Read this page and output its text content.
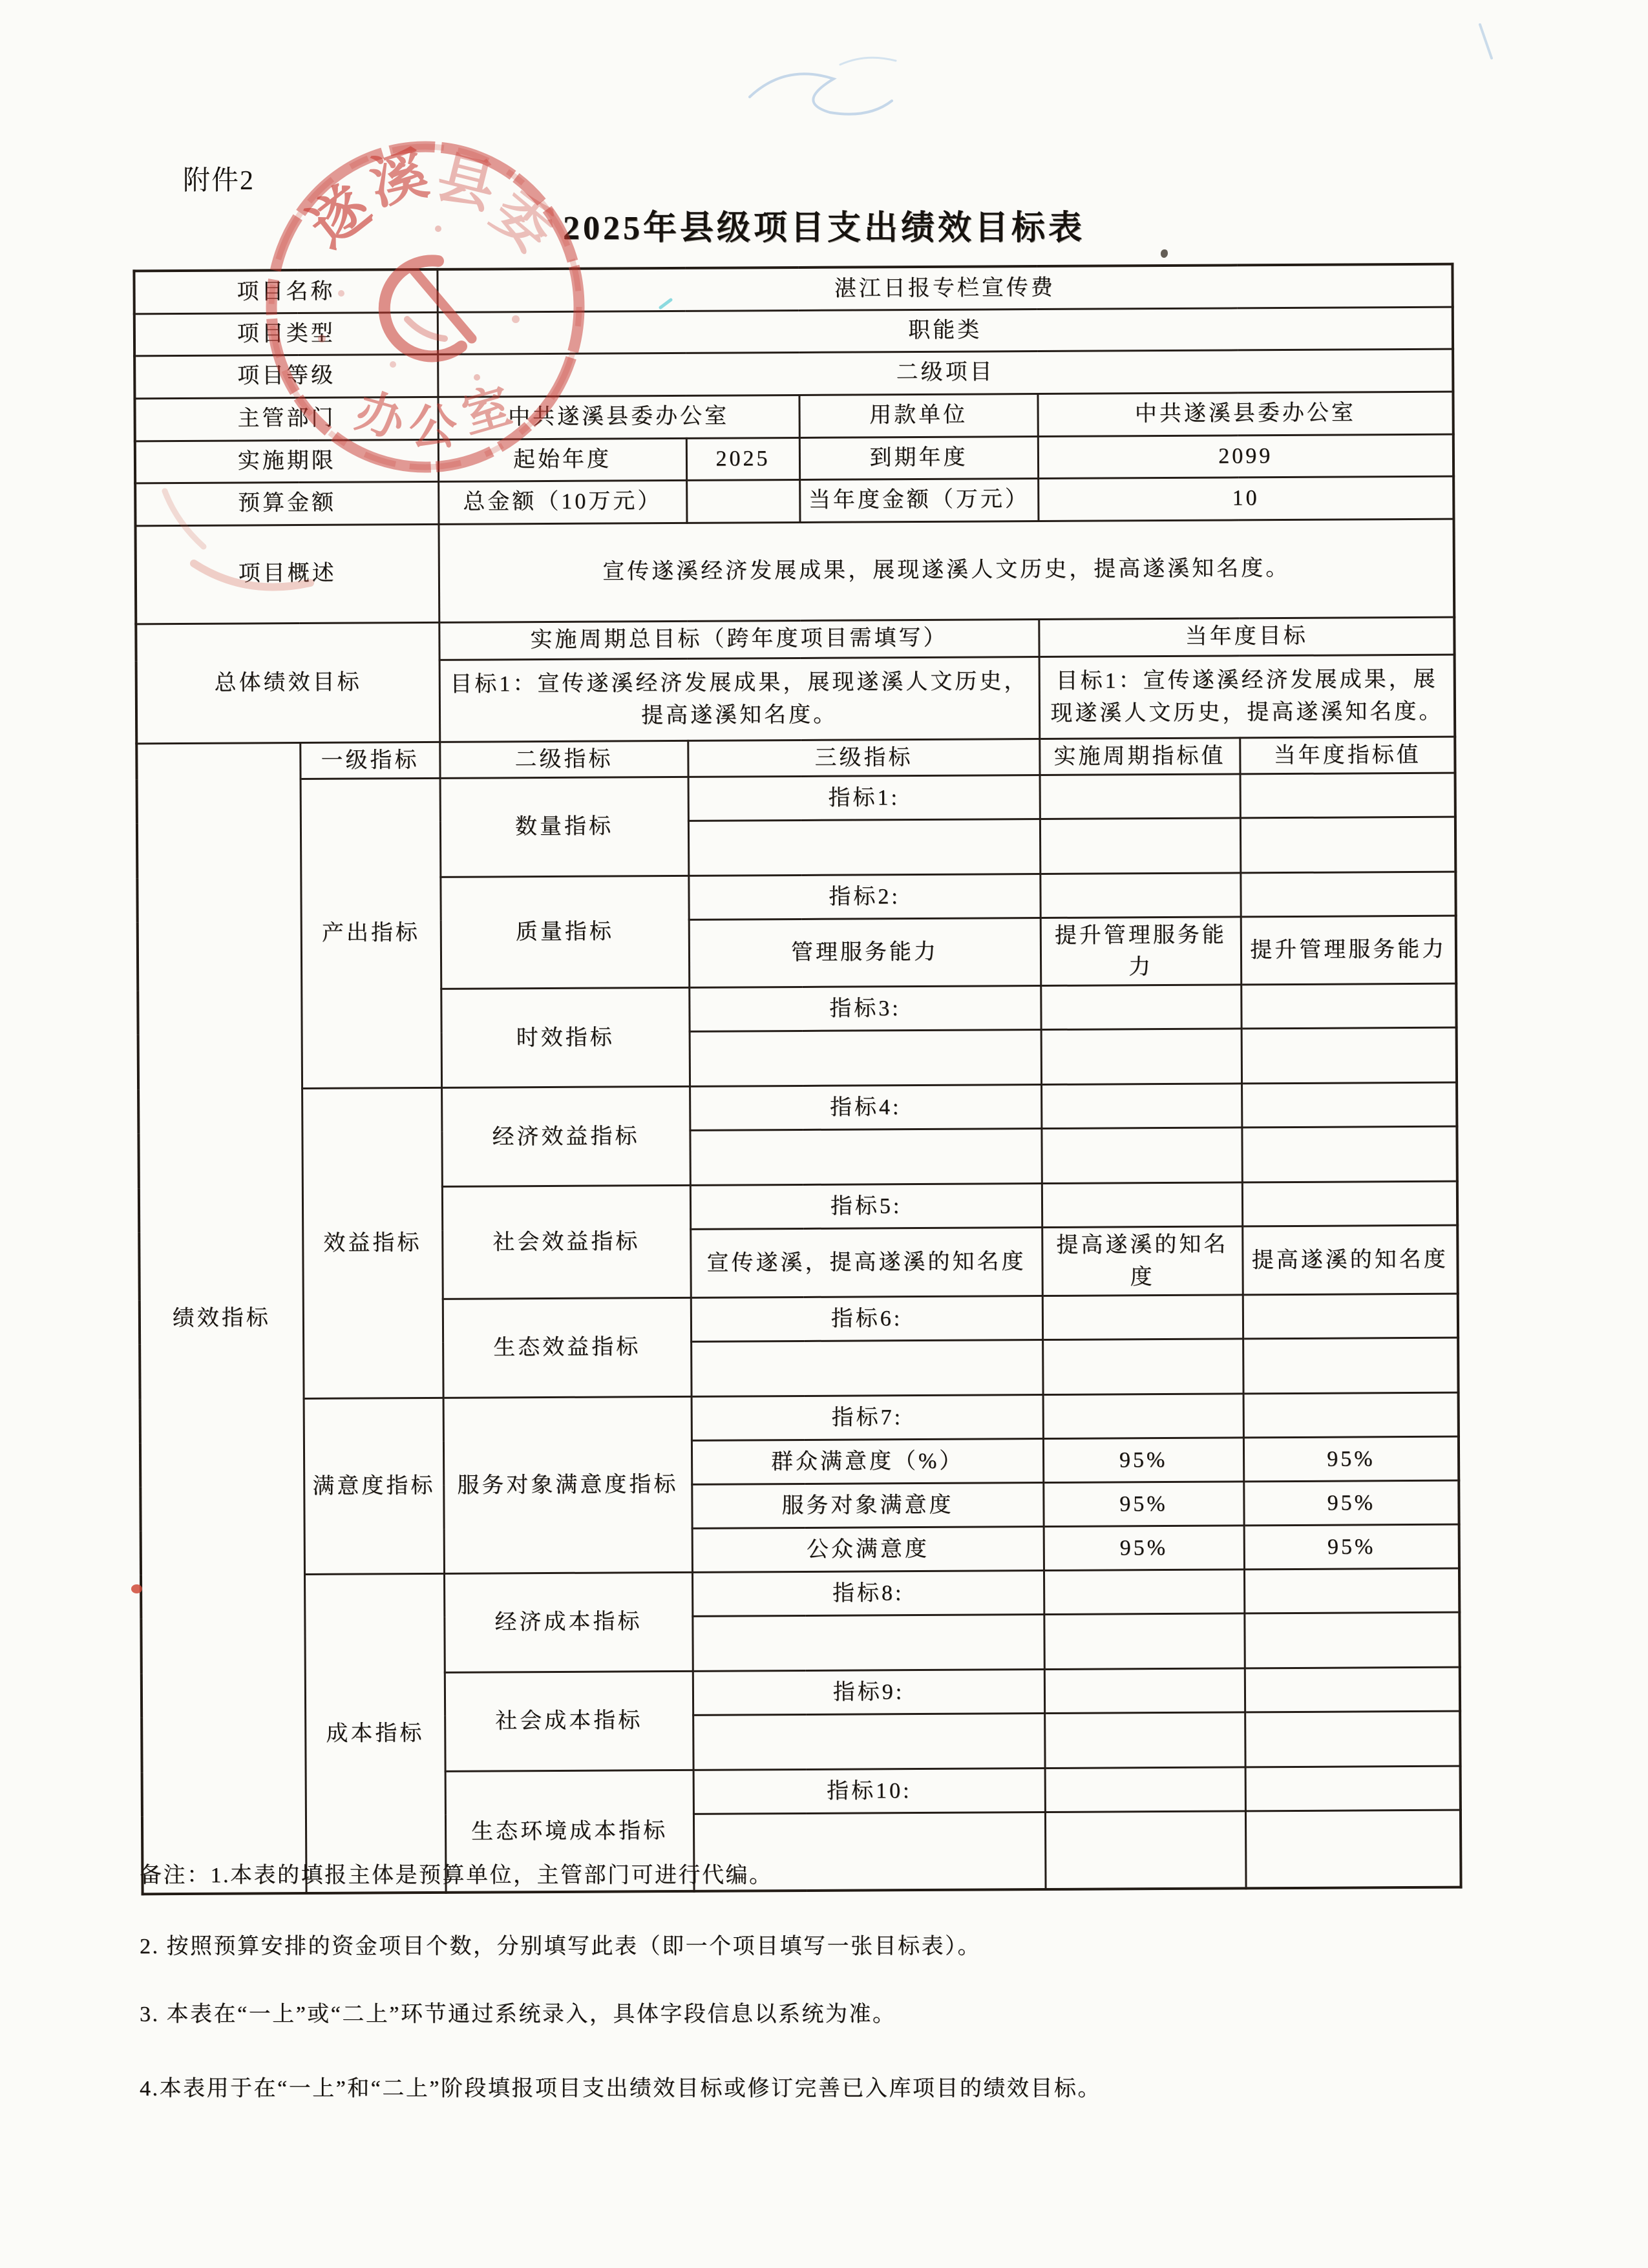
附件2
2025年县级项目支出绩效目标表
项目名称		湛江日报专栏宣传费				
项目类型		职能类				
项目等级		二级项目				
主管部门		中共遂溪县委办公室		用款单位	中共遂溪县委办公室	
实施期限		起始年度	2025	到期年度	2099	
预算金额		总金额（10万元）		当年度金额（万元）	10	
项目概述		宣传遂溪经济发展成果，展现遂溪人文历史，提高遂溪知名度。				
总体绩效目标		实施周期总目标（跨年度项目需填写）			当年度目标	
		目标1：宣传遂溪经济发展成果，展现遂溪人文历史，提高遂溪知名度。			目标1：宣传遂溪经济发展成果，展现遂溪人文历史，提高遂溪知名度。	
绩效指标	一级指标	二级指标	三级指标		实施周期指标值	当年度指标值
	产出指标	数量指标	指标1:			

		质量指标	指标2:			
			管理服务能力		提升管理服务能力	提升管理服务能力
		时效指标	指标3:			

	效益指标	经济效益指标	指标4:			

		社会效益指标	指标5:			
			宣传遂溪，提高遂溪的知名度		提高遂溪的知名度	提高遂溪的知名度
		生态效益指标	指标6:			

	满意度指标	服务对象满意度指标	指标7:			
			群众满意度（%）		95%	95%
			服务对象满意度		95%	95%
			公众满意度		95%	95%
	成本指标	经济成本指标	指标8:			

		社会成本指标	指标9:			

		生态环境成本指标	指标10:			

备注：1.本表的填报主体是预算单位，主管部门可进行代编。
2. 按照预算安排的资金项目个数，分别填写此表（即一个项目填写一张目标表）。
3. 本表在“一上”或“二上”环节通过系统录入，具体字段信息以系统为准。
4.本表用于在“一上”和“二上”阶段填报项目支出绩效目标或修订完善已入库项目的绩效目标。
遂
溪
县
委
办
公 室
